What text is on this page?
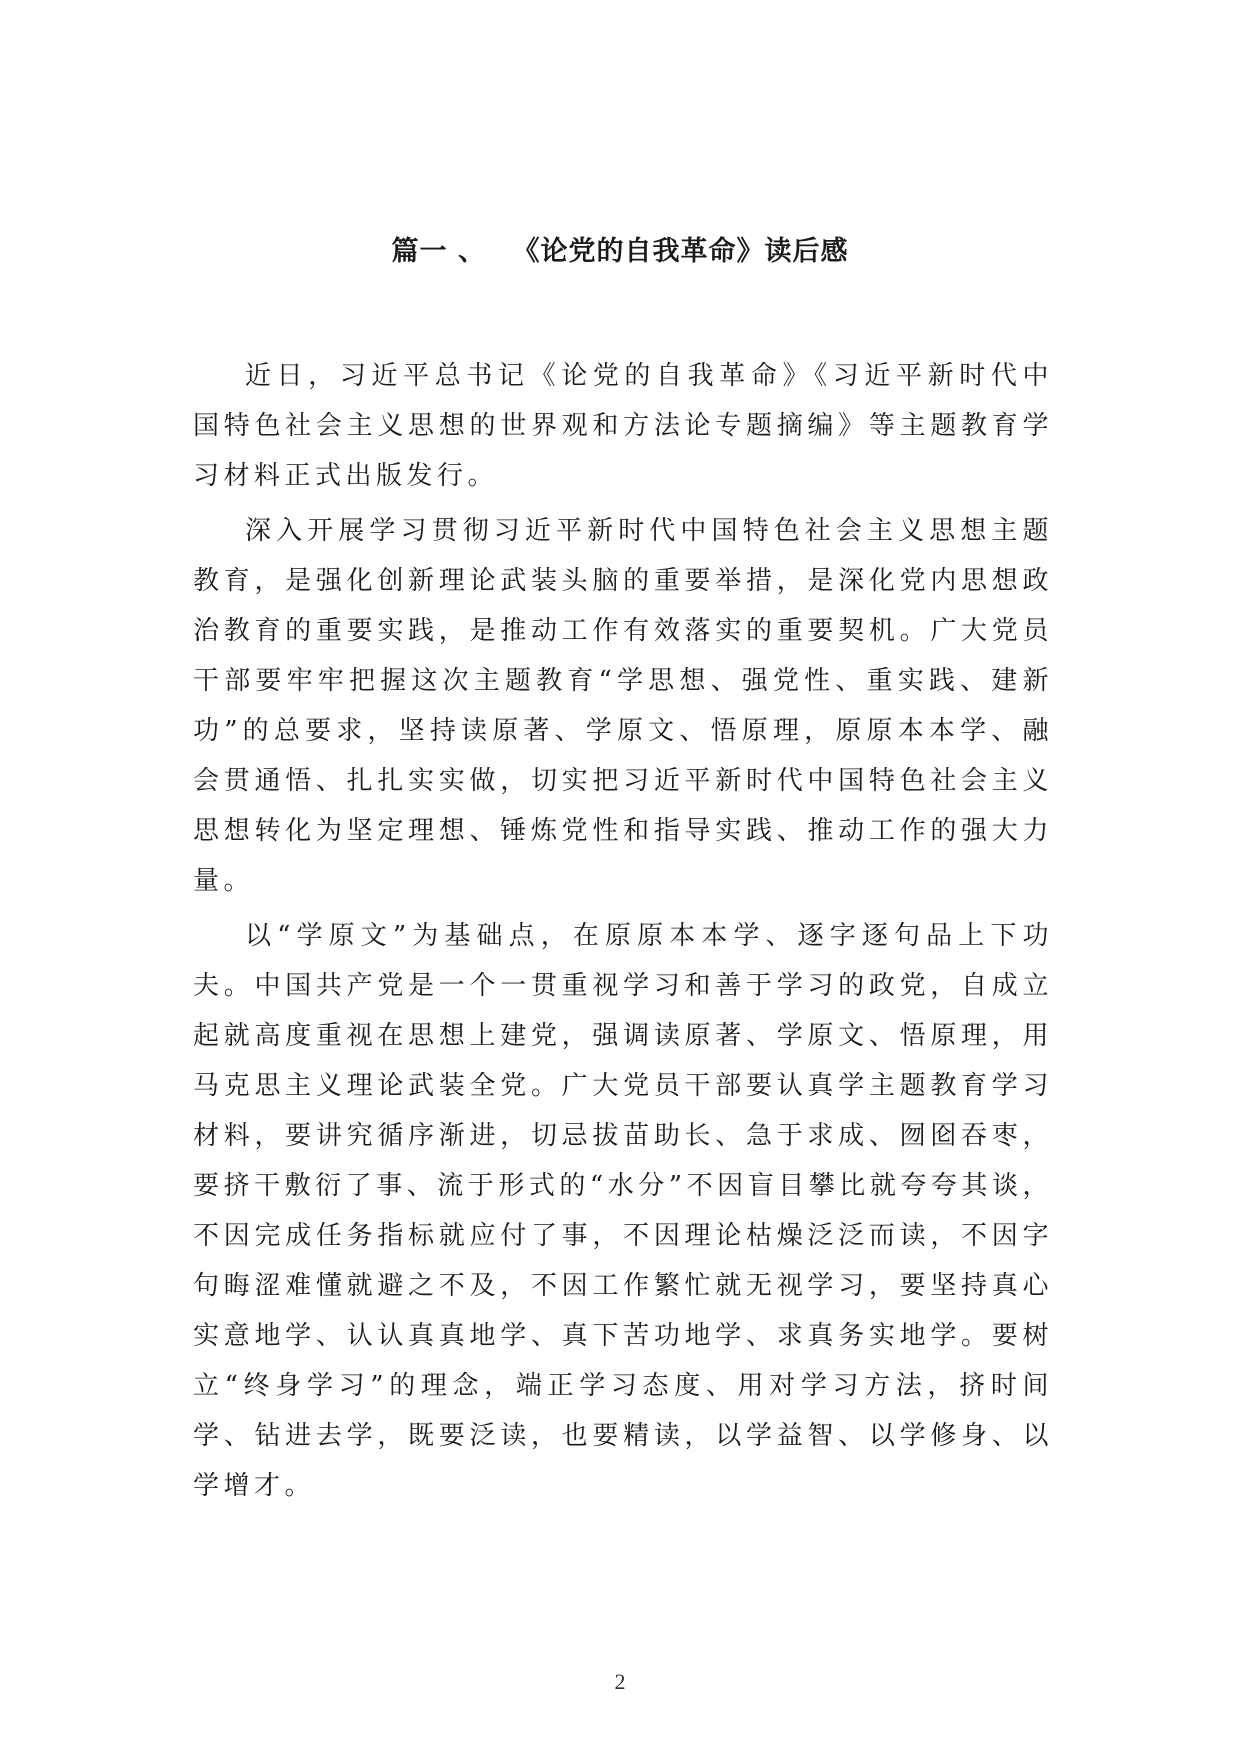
篇一 、 《论党的自我革命》读后感

近日，习近平总书记《论党的自我革命》《习近平新时代中国特色社会主义思想的世界观和方法论专题摘编》等主题教育学习材料正式出版发行。

深入开展学习贯彻习近平新时代中国特色社会主义思想主题教育，是强化创新理论武装头脑的重要举措，是深化党内思想政治教育的重要实践，是推动工作有效落实的重要契机。广大党员干部要牢牢把握这次主题教育“学思想、强党性、重实践、建新功”的总要求，坚持读原著、学原文、悟原理，原原本本学、融会贯通悟、扎扎实实做，切实把习近平新时代中国特色社会主义思想转化为坚定理想、锤炼党性和指导实践、推动工作的强大力量。

以“学原文”为基础点，在原原本本学、逐字逐句品上下功夫。中国共产党是一个一贯重视学习和善于学习的政党，自成立起就高度重视在思想上建党，强调读原著、学原文、悟原理，用马克思主义理论武装全党。广大党员干部要认真学主题教育学习材料，要讲究循序渐进，切忌拔苗助长、急于求成、囫囵吞枣，要挤干敷衍了事、流于形式的“水分”不因盲目攀比就夸夸其谈，不因完成任务指标就应付了事，不因理论枯燥泛泛而读，不因字句晦涩难懂就避之不及，不因工作繁忙就无视学习，要坚持真心实意地学、认认真真地学、真下苦功地学、求真务实地学。要树立“终身学习”的理念，端正学习态度、用对学习方法，挤时间学、钻进去学，既要泛读，也要精读，以学益智、以学修身、以学增才。

2
